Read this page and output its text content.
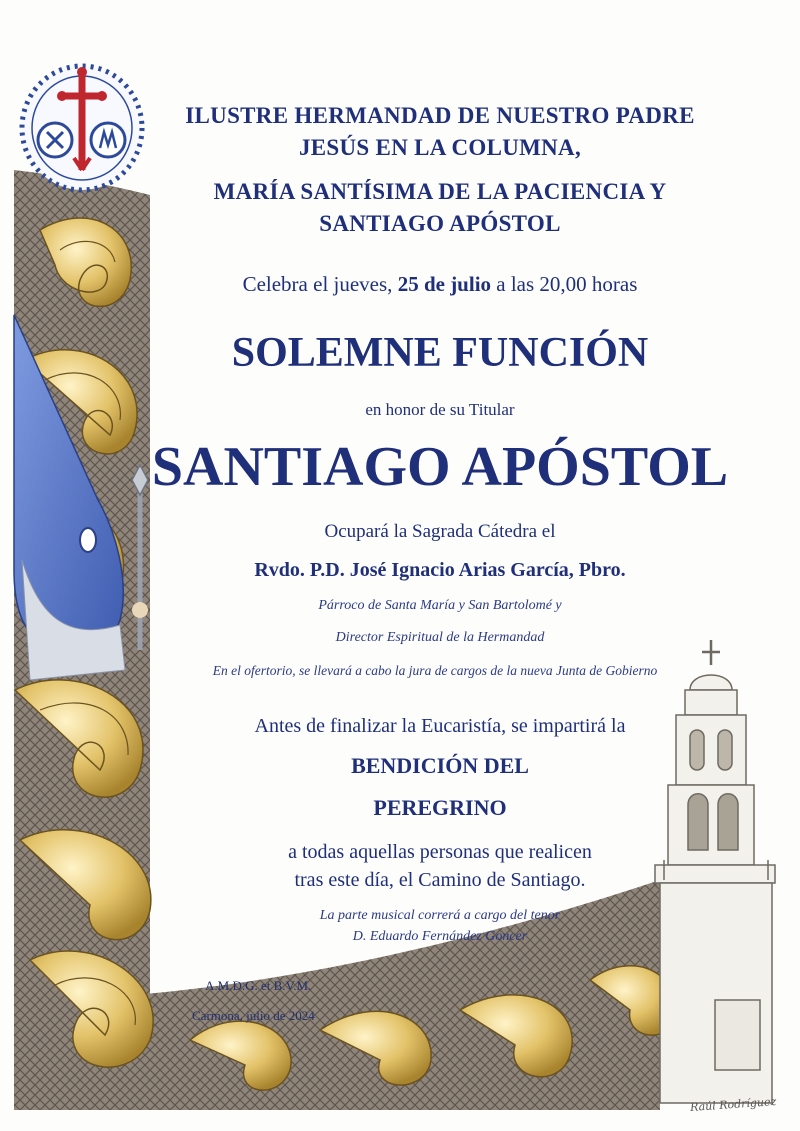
ILUSTRE HERMANDAD DE NUESTRO PADRE

JESÚS EN LA COLUMNA,

MARÍA SANTÍSIMA DE LA PACIENCIA Y

SANTIAGO APÓSTOL

Celebra el jueves, 25 de julio a las 20,00 horas

SOLEMNE FUNCIÓN

en honor de su Titular

SANTIAGO APÓSTOL

Ocupará la Sagrada Cátedra el

Rvdo. P.D. José Ignacio Arias García, Pbro.

Párroco de Santa María y San Bartolomé y

Director Espiritual de la Hermandad

En el ofertorio, se llevará a cabo la jura de cargos de la nueva Junta de Gobierno

Antes de finalizar la Eucaristía, se impartirá la

BENDICIÓN DEL

PEREGRINO

a todas aquellas personas que realicen

tras este día, el Camino de Santiago.

La parte musical correrá a cargo del tenor

D. Eduardo Fernández Goncer

A.M.D.G. et B.V.M.

Carmona, julio de 2024

Raúl Rodríguez
